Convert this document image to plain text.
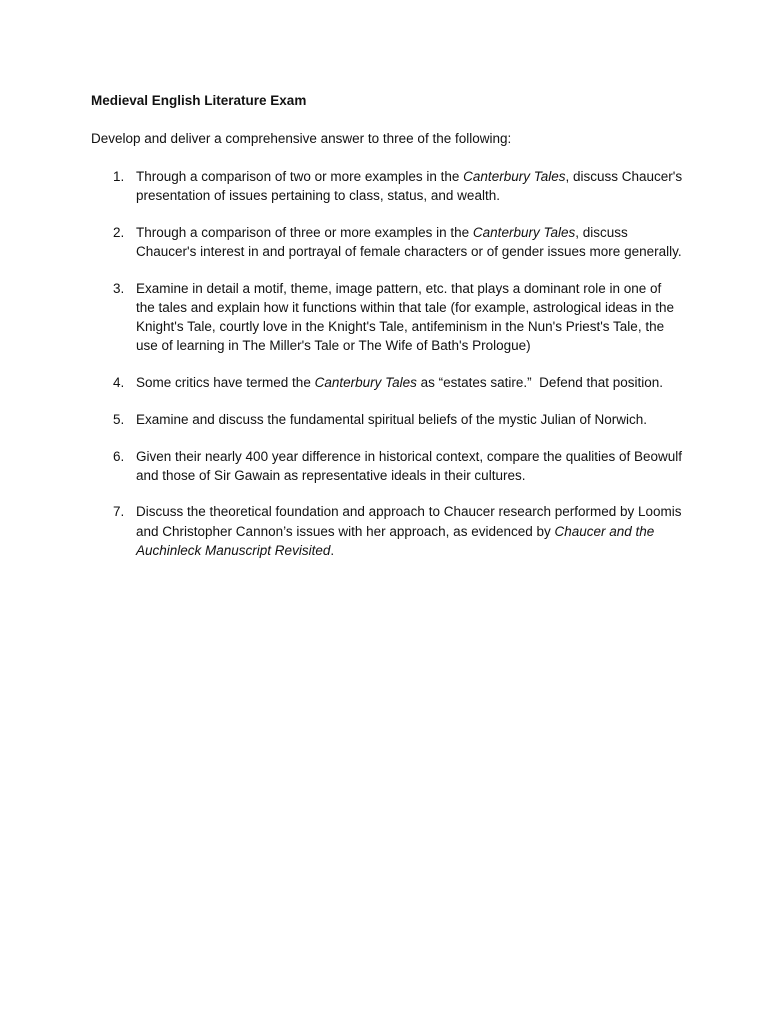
Medieval English Literature Exam
Develop and deliver a comprehensive answer to three of the following:
1. Through a comparison of two or more examples in the Canterbury Tales, discuss Chaucer's presentation of issues pertaining to class, status, and wealth.
2. Through a comparison of three or more examples in the Canterbury Tales, discuss Chaucer's interest in and portrayal of female characters or of gender issues more generally.
3. Examine in detail a motif, theme, image pattern, etc. that plays a dominant role in one of the tales and explain how it functions within that tale (for example, astrological ideas in the Knight's Tale, courtly love in the Knight's Tale, antifeminism in the Nun's Priest's Tale, the use of learning in The Miller's Tale or The Wife of Bath's Prologue)
4. Some critics have termed the Canterbury Tales as “estates satire.”  Defend that position.
5. Examine and discuss the fundamental spiritual beliefs of the mystic Julian of Norwich.
6. Given their nearly 400 year difference in historical context, compare the qualities of Beowulf and those of Sir Gawain as representative ideals in their cultures.
7. Discuss the theoretical foundation and approach to Chaucer research performed by Loomis and Christopher Cannon’s issues with her approach, as evidenced by Chaucer and the Auchinleck Manuscript Revisited.
